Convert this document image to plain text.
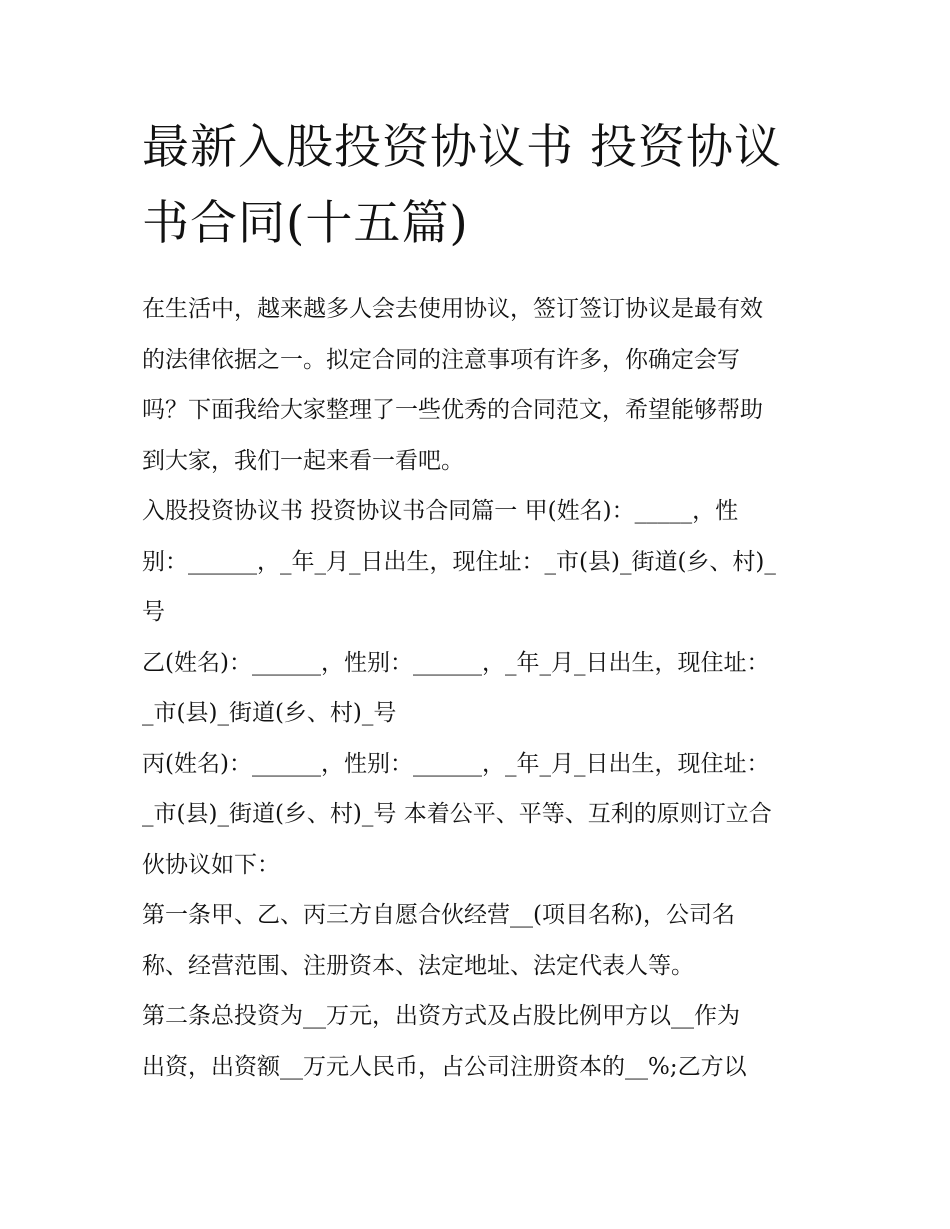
最新入股投资协议书 投资协议
书合同(十五篇)

在生活中，越来越多人会去使用协议，签订签订协议是最有效
的法律依据之一。拟定合同的注意事项有许多，你确定会写
吗？下面我给大家整理了一些优秀的合同范文，希望能够帮助
到大家，我们一起来看一看吧。

入股投资协议书 投资协议书合同篇一 甲(姓名)：_____，性
别：______，_年_月_日出生，现住址：_市(县)_街道(乡、村)_
号

乙(姓名)：______，性别：______，_年_月_日出生，现住址：
_市(县)_街道(乡、村)_号

丙(姓名)：______，性别：______，_年_月_日出生，现住址：
_市(县)_街道(乡、村)_号 本着公平、平等、互利的原则订立合
伙协议如下：

第一条甲、乙、丙三方自愿合伙经营__(项目名称)，公司名
称、经营范围、注册资本、法定地址、法定代表人等。

第二条总投资为__万元，出资方式及占股比例甲方以__作为
出资，出资额__万元人民币，占公司注册资本的__%;乙方以
